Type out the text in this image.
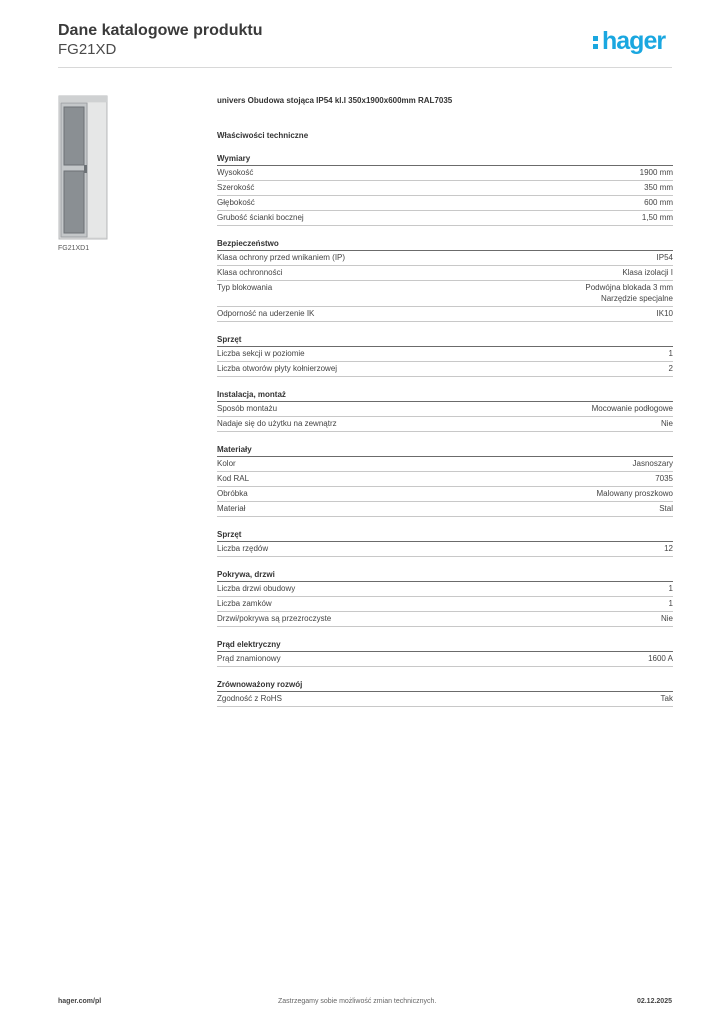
Dane katalogowe produktu
FG21XD	hager
FG21XD1
univers Obudowa stojąca IP54 kl.I 350x1900x600mm RAL7035
Właściwości techniczne
Wymiary
Wysokość	1900 mm
Szerokość	350 mm
Głębokość	600 mm
Grubość ścianki bocznej	1,50 mm
Bezpieczeństwo
Klasa ochrony przed wnikaniem (IP)	IP54
Klasa ochronności	Klasa izolacji I
Typ blokowania	Podwójna blokada 3 mm
Narzędzie specjalne
Odporność na uderzenie IK	IK10
Sprzęt
Liczba sekcji w poziomie	1
Liczba otworów płyty kołnierzowej	2
Instalacja, montaż
Sposób montażu	Mocowanie podłogowe
Nadaje się do użytku na zewnątrz	Nie
Materiały
Kolor	Jasnoszary
Kod RAL	7035
Obróbka	Malowany proszkowo
Materiał	Stal
Sprzęt
Liczba rzędów	12
Pokrywa, drzwi
Liczba drzwi obudowy	1
Liczba zamków	1
Drzwi/pokrywa są przezroczyste	Nie
Prąd elektryczny
Prąd znamionowy	1600 A
Zrównoważony rozwój
Zgodność z RoHS	Tak
hager.com/pl	Zastrzegamy sobie możliwość zmian technicznych.	02.12.2025
